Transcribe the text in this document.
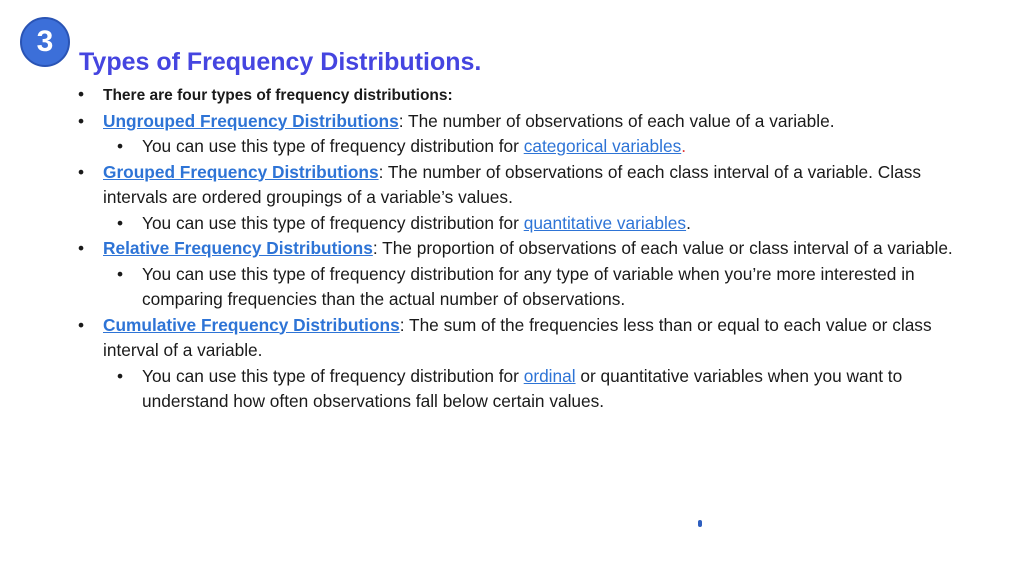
3
Types of Frequency Distributions.

• There are four types of frequency distributions:

• Ungrouped Frequency Distributions: The number of observations of each value of a variable.

• You can use this type of frequency distribution for categorical variables.

• Grouped Frequency Distributions: The number of observations of each class interval of a variable. Class intervals are ordered groupings of a variable’s values.

• You can use this type of frequency distribution for quantitative variables.

• Relative Frequency Distributions: The proportion of observations of each value or class interval of a variable.

• You can use this type of frequency distribution for any type of variable when you’re more interested in comparing frequencies than the actual number of observations.

• Cumulative Frequency Distributions: The sum of the frequencies less than or equal to each value or class interval of a variable.

• You can use this type of frequency distribution for ordinal or quantitative variables when you want to understand how often observations fall below certain values.
